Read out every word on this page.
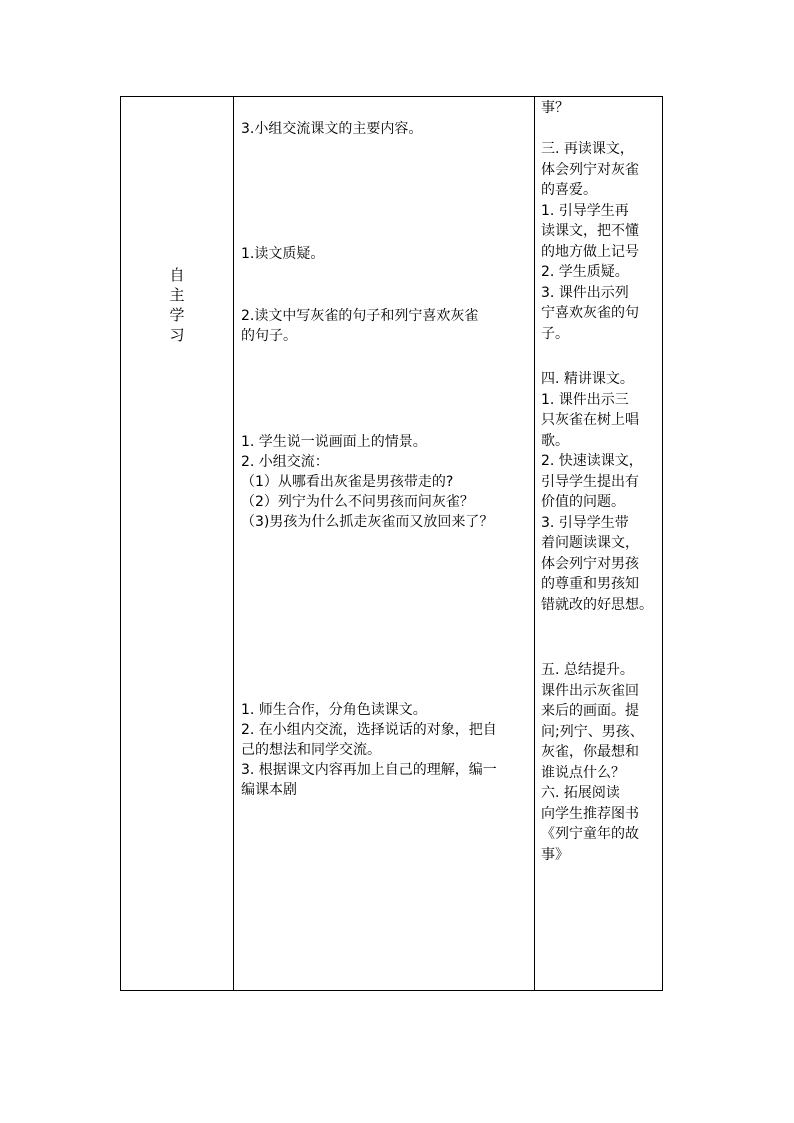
自
主
学
习
3.小组交流课文的主要内容。
1.读文质疑。
2.读文中写灰雀的句子和列宁喜欢灰雀
的句子。
1. 学生说一说画面上的情景。
2. 小组交流：
（1）从哪看出灰雀是男孩带走的?
（2）列宁为什么不问男孩而问灰雀？
（3)男孩为什么抓走灰雀而又放回来了？
1. 师生合作，分角色读课文。
2. 在小组内交流，选择说话的对象，把自
己的想法和同学交流。
3. 根据课文内容再加上自己的理解，编一
编课本剧
事？
三. 再读课文，
体会列宁对灰雀
的喜爱。
1. 引导学生再
读课文，把不懂
的地方做上记号
2. 学生质疑。
3. 课件出示列
宁喜欢灰雀的句
子。
四. 精讲课文。
1. 课件出示三
只灰雀在树上唱
歌。
2. 快速读课文，
引导学生提出有
价值的问题。
3. 引导学生带
着问题读课文，
体会列宁对男孩
的尊重和男孩知
错就改的好思想。
五. 总结提升。
课件出示灰雀回
来后的画面。提
问;列宁、男孩、
灰雀，你最想和
谁说点什么？
六. 拓展阅读
向学生推荐图书
《列宁童年的故
事》
